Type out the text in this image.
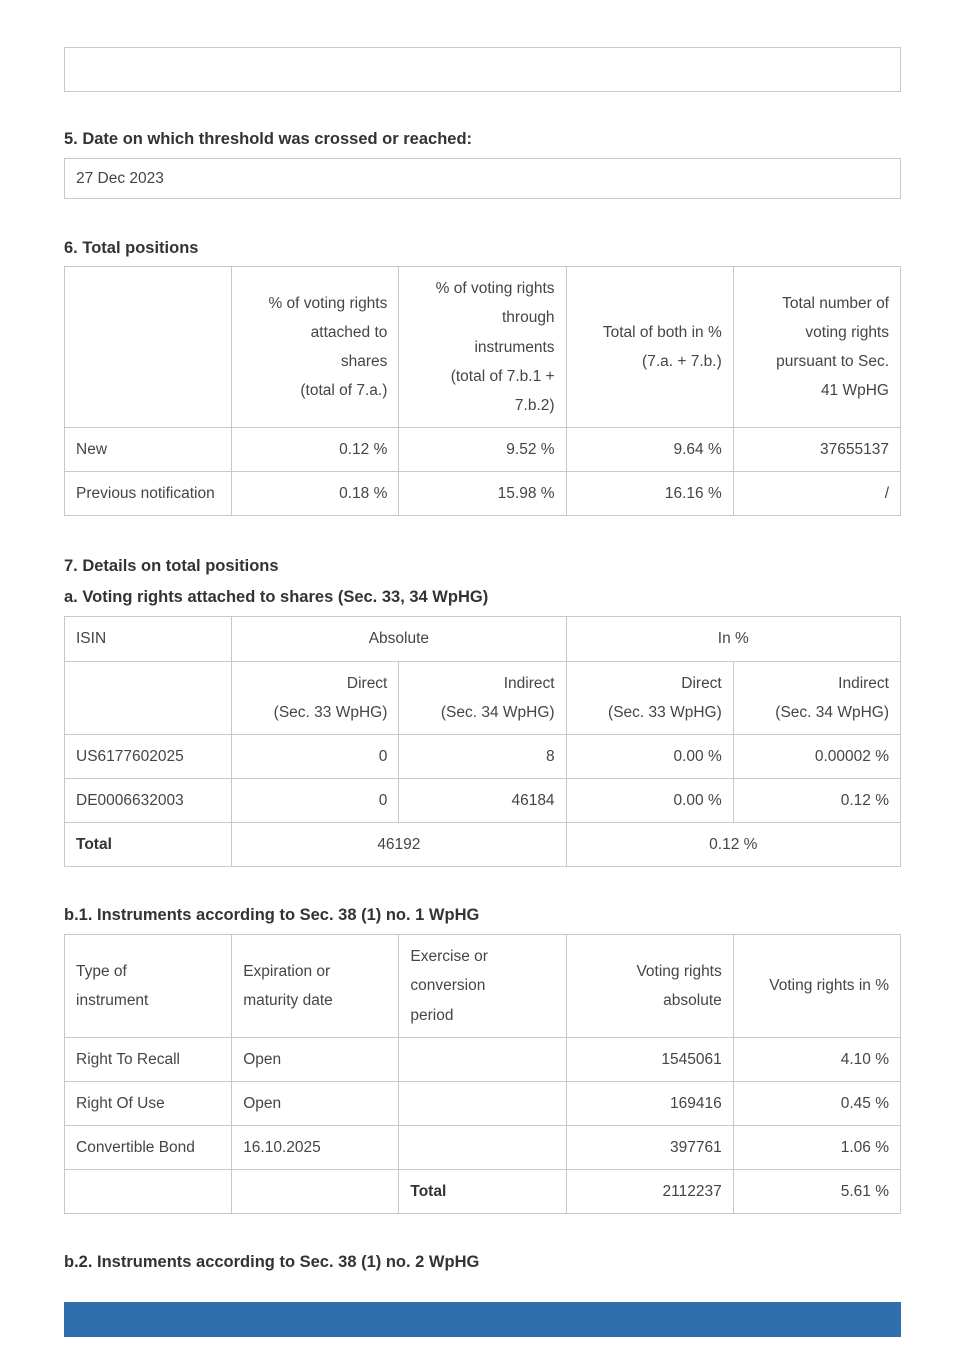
5. Date on which threshold was crossed or reached:
27 Dec 2023
6. Total positions
	% of voting rights
attached to
shares
(total of 7.a.)	% of voting rights
through
instruments
(total of 7.b.1 +
7.b.2)	Total of both in %
(7.a. + 7.b.)	Total number of
voting rights
pursuant to Sec.
41 WpHG
New	0.12 %	9.52 %	9.64 %	37655137
Previous notification	0.18 %	15.98 %	16.16 %	/
7. Details on total positions
a. Voting rights attached to shares (Sec. 33, 34 WpHG)
ISIN	Absolute		In %	
	Direct
(Sec. 33 WpHG)	Indirect
(Sec. 34 WpHG)	Direct
(Sec. 33 WpHG)	Indirect
(Sec. 34 WpHG)
US6177602025	0	8	0.00 %	0.00002 %
DE0006632003	0	46184	0.00 %	0.12 %
Total	46192		0.12 %	
b.1. Instruments according to Sec. 38 (1) no. 1 WpHG
Type of
instrument	Expiration or
maturity date	Exercise or
conversion
period	Voting rights
absolute	Voting rights in %
Right To Recall	Open		1545061	4.10 %
Right Of Use	Open		169416	0.45 %
Convertible Bond	16.10.2025		397761	1.06 %
		Total	2112237	5.61 %
b.2. Instruments according to Sec. 38 (1) no. 2 WpHG
